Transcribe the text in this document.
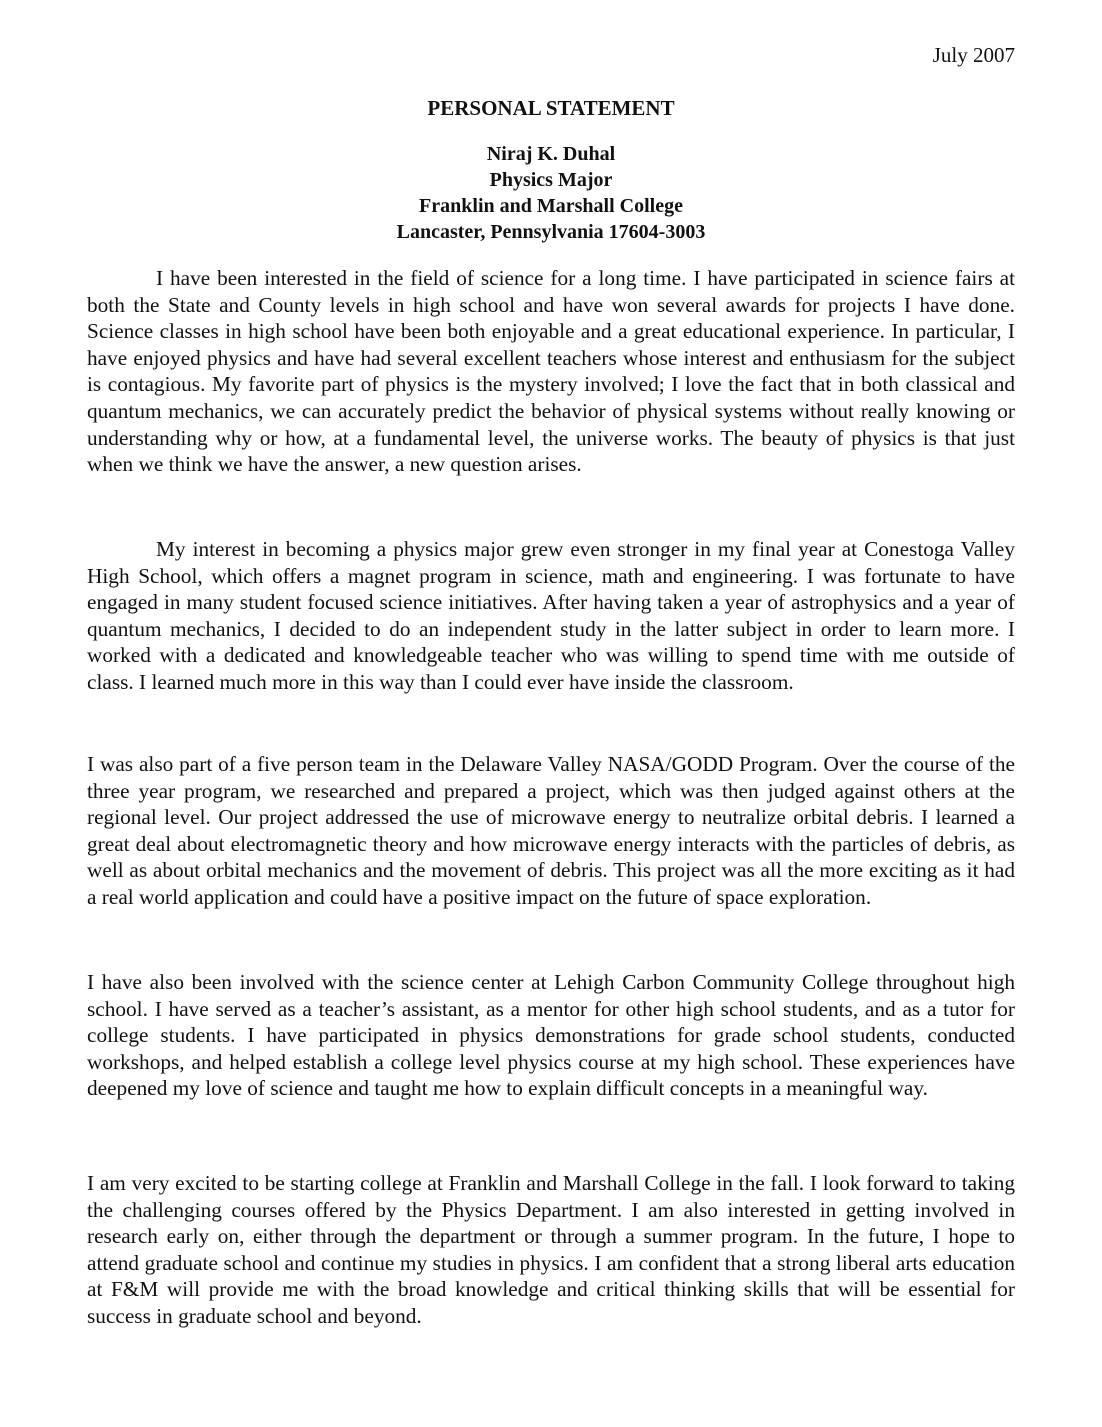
July 2007
PERSONAL STATEMENT
Niraj K. Duhal
Physics Major
Franklin and Marshall College
Lancaster, Pennsylvania 17604-3003

I have been interested in the field of science for a long time. I have participated in science fairs at both the State and County levels in high school and have won several awards for projects I have done. Science classes in high school have been both enjoyable and a great educational experience. In particular, I have enjoyed physics and have had several excellent teachers whose interest and enthusiasm for the subject is contagious. My favorite part of physics is the mystery involved; I love the fact that in both classical and quantum mechanics, we can accurately predict the behavior of physical systems without really knowing or understanding why or how, at a fundamental level, the universe works. The beauty of physics is that just when we think we have the answer, a new question arises.

My interest in becoming a physics major grew even stronger in my final year at Conestoga Valley High School, which offers a magnet program in science, math and engineering. I was fortunate to have engaged in many student focused science initiatives. After having taken a year of astrophysics and a year of quantum mechanics, I decided to do an independent study in the latter subject in order to learn more. I worked with a dedicated and knowledgeable teacher who was willing to spend time with me outside of class. I learned much more in this way than I could ever have inside the classroom.

I was also part of a five person team in the Delaware Valley NASA/GODD Program. Over the course of the three year program, we researched and prepared a project, which was then judged against others at the regional level. Our project addressed the use of microwave energy to neutralize orbital debris. I learned a great deal about electromagnetic theory and how microwave energy interacts with the particles of debris, as well as about orbital mechanics and the movement of debris. This project was all the more exciting as it had a real world application and could have a positive impact on the future of space exploration.

I have also been involved with the science center at Lehigh Carbon Community College throughout high school. I have served as a teacher’s assistant, as a mentor for other high school students, and as a tutor for college students. I have participated in physics demonstrations for grade school students, conducted workshops, and helped establish a college level physics course at my high school. These experiences have deepened my love of science and taught me how to explain difficult concepts in a meaningful way.

I am very excited to be starting college at Franklin and Marshall College in the fall. I look forward to taking the challenging courses offered by the Physics Department. I am also interested in getting involved in research early on, either through the department or through a summer program. In the future, I hope to attend graduate school and continue my studies in physics. I am confident that a strong liberal arts education at F&M will provide me with the broad knowledge and critical thinking skills that will be essential for success in graduate school and beyond.
